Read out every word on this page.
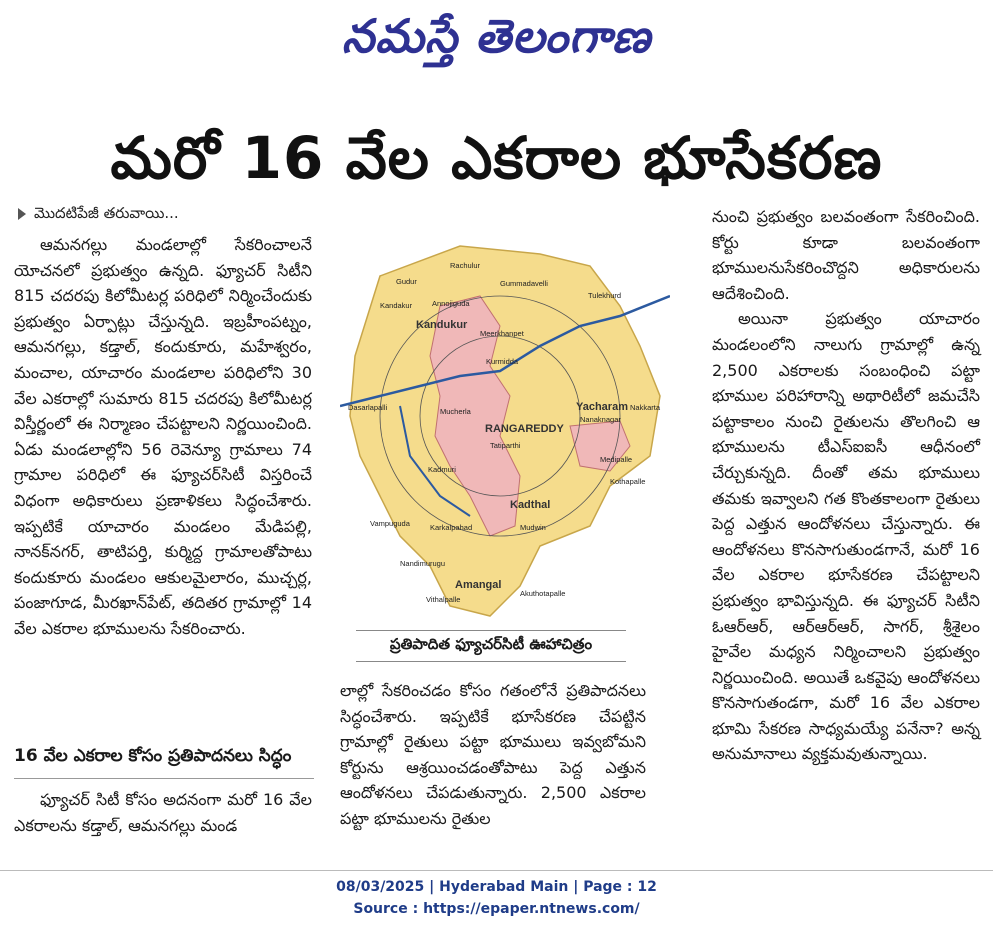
నమస్తే తెలంగాణ
మరో 16 వేల ఎకరాల భూసేకరణ
మొదటిపేజీ తరువాయి...

ఆమనగల్లు మండలాల్లో సేకరించాలనే యోచనలో ప్రభుత్వం ఉన్నది. ఫ్యూచర్ సిటీని 815 చదరపు కిలోమీటర్ల పరిధిలో నిర్మించేందుకు ప్రభుత్వం ఏర్పాట్లు చేస్తున్నది. ఇబ్రహీంపట్నం, ఆమనగల్లు, కడ్తాల్, కందుకూరు, మహేశ్వరం, మంచాల, యాచారం మండలాల పరిధిలోని 30 వేల ఎకరాల్లో సుమారు 815 చదరపు కిలోమీటర్ల విస్తీర్ణంలో ఈ నిర్మాణం చేపట్టాలని నిర్ణయించింది. ఏడు మండలాల్లోని 56 రెవెన్యూ గ్రామాలు 74 గ్రామాల పరిధిలో ఈ ఫ్యూచర్‌సిటీ విస్తరించే విధంగా అధికారులు ప్రణాళికలు సిద్ధంచేశారు. ఇప్పటికే యాచారం మండలం మేడిపల్లి, నానక్‌నగర్, తాటిపర్తి, కుర్మిద్ద గ్రామాలతోపాటు కందుకూరు మండలం ఆకులమైలారం, ముచ్చర్ల, పంజాగూడ, మీరఖాన్‌పేట్, తదితర గ్రామాల్లో 14 వేల ఎకరాల భూములను సేకరించారు.

16 వేల ఎకరాల కోసం ప్రతిపాదనలు సిద్ధం

ఫ్యూచర్ సిటీ కోసం అదనంగా మరో 16 వేల ఎకరాలను కడ్తాల్, ఆమనగల్లు మండ

RANGAREDDY
Kandukur
Yacharam
Kadthal
Amangal
Rachulur
Gudur	Gummadavelli
Tulekhurd
Kandakur	Annojiguda
Meerkhanpet
Tatiparthi
Nanaknagar
Medipalle
Dasarlapalli	Mucherla
Kurmidda
Nakkarta
Kothapalle
Mudwin
Vampuguda	Karkalpahad
Vithalpalle
Akuthotapalle
Kadmuri
Nandimurugu
ప్రతిపాదిత ఫ్యూచర్‌సిటీ ఊహాచిత్రం

లాల్లో సేకరించడం కోసం గతంలోనే ప్రతిపాదనలు సిద్ధంచేశారు. ఇప్పటికే భూసేకరణ చేపట్టిన గ్రామాల్లో రైతులు పట్టా భూములు ఇవ్వబోమని కోర్టును ఆశ్రయించడంతోపాటు పెద్ద ఎత్తున ఆందోళనలు చేపడుతున్నారు. 2,500 ఎకరాల పట్టా భూములను రైతుల

నుంచి ప్రభుత్వం బలవంతంగా సేకరించింది. కోర్టు కూడా బలవంతంగా భూములనుసేకరించొద్దని అధికారులను ఆదేశించింది.

అయినా ప్రభుత్వం యాచారం మండలంలోని నాలుగు గ్రామాల్లో ఉన్న 2,500 ఎకరాలకు సంబంధించి పట్టా భూముల పరిహారాన్ని అథారిటీలో జమచేసి పట్టాకాలం నుంచి రైతులను తొలగించి ఆ భూములను టీఎస్‌ఐఐసీ ఆధీనంలో చేర్చుకున్నది. దీంతో తమ భూములు తమకు ఇవ్వాలని గత కొంతకాలంగా రైతులు పెద్ద ఎత్తున ఆందోళనలు చేస్తున్నారు. ఈ ఆందోళనలు కొనసాగుతుండగానే, మరో 16 వేల ఎకరాల భూసేకరణ చేపట్టాలని ప్రభుత్వం భావిస్తున్నది. ఈ ఫ్యూచర్ సిటీని ఓఆర్ఆర్, ఆర్ఆర్ఆర్, సాగర్, శ్రీశైలం హైవేల మధ్యన నిర్మించాలని ప్రభుత్వం నిర్ణయించింది. అయితే ఒకవైపు ఆందోళనలు కొనసాగుతండగా, మరో 16 వేల ఎకరాల భూమి సేకరణ సాధ్యమయ్యే పనేనా? అన్న అనుమానాలు వ్యక్తమవుతున్నాయి.

08/03/2025 | Hyderabad Main | Page : 12
Source : https://epaper.ntnews.com/
